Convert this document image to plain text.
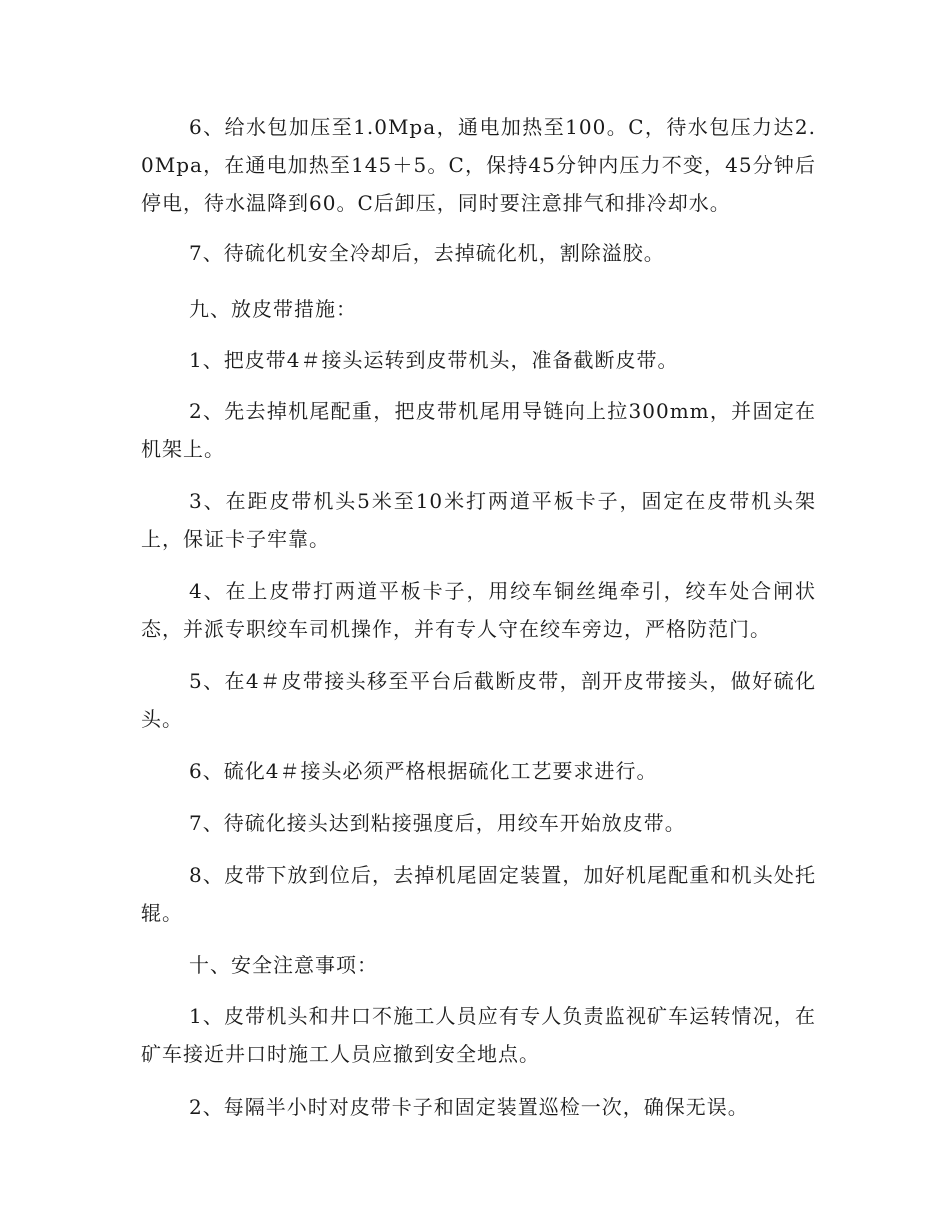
6、给水包加压至1.0Mpa，通电加热至100。C，待水包压力达2.0Mpa，在通电加热至145＋5。C，保持45分钟内压力不变，45分钟后停电，待水温降到60。C后卸压，同时要注意排气和排冷却水。

7、待硫化机安全冷却后，去掉硫化机，割除溢胶。

九、放皮带措施：

1、把皮带4＃接头运转到皮带机头，准备截断皮带。

2、先去掉机尾配重，把皮带机尾用导链向上拉300mm，并固定在机架上。

3、在距皮带机头5米至10米打两道平板卡子，固定在皮带机头架上，保证卡子牢靠。

4、在上皮带打两道平板卡子，用绞车铜丝绳牵引，绞车处合闸状态，并派专职绞车司机操作，并有专人守在绞车旁边，严格防范门。

5、在4＃皮带接头移至平台后截断皮带，剖开皮带接头，做好硫化头。

6、硫化4＃接头必须严格根据硫化工艺要求进行。

7、待硫化接头达到粘接强度后，用绞车开始放皮带。

8、皮带下放到位后，去掉机尾固定装置，加好机尾配重和机头处托辊。

十、安全注意事项：

1、皮带机头和井口不施工人员应有专人负责监视矿车运转情况，在矿车接近井口时施工人员应撤到安全地点。

2、每隔半小时对皮带卡子和固定装置巡检一次，确保无误。
